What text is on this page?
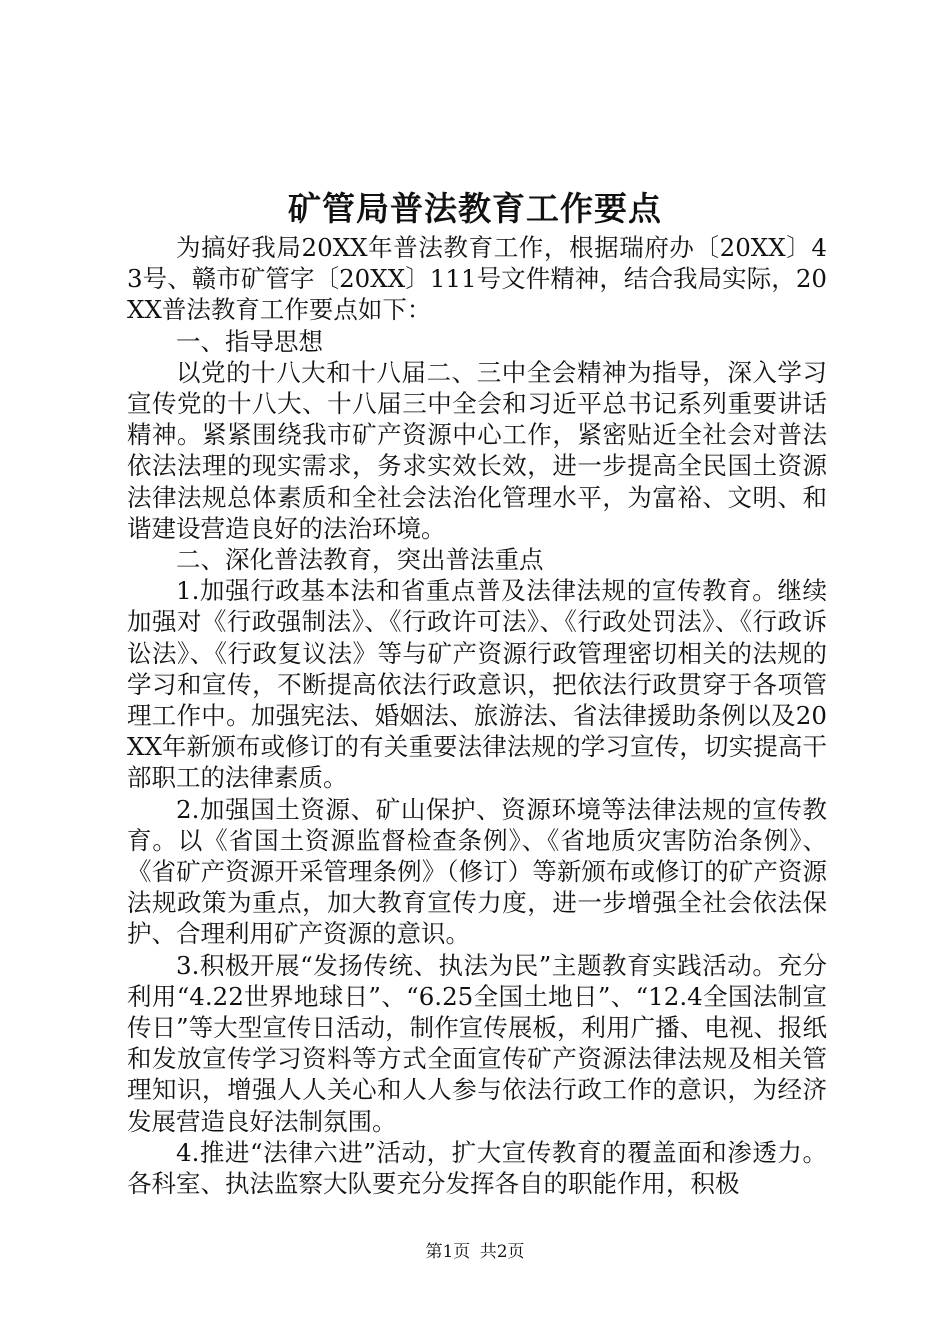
矿管局普法教育工作要点

为搞好我局20XX年普法教育工作，根据瑞府办〔20XX〕43号、赣市矿管字〔20XX〕111号文件精神，结合我局实际，20XX普法教育工作要点如下：

一、指导思想

以党的十八大和十八届二、三中全会精神为指导，深入学习宣传党的十八大、十八届三中全会和习近平总书记系列重要讲话精神。紧紧围绕我市矿产资源中心工作，紧密贴近全社会对普法依法法理的现实需求，务求实效长效，进一步提高全民国土资源法律法规总体素质和全社会法治化管理水平，为富裕、文明、和谐建设营造良好的法治环境。

二、深化普法教育，突出普法重点

1.加强行政基本法和省重点普及法律法规的宣传教育。继续加强对《行政强制法》、《行政许可法》、《行政处罚法》、《行政诉讼法》、《行政复议法》等与矿产资源行政管理密切相关的法规的学习和宣传，不断提高依法行政意识，把依法行政贯穿于各项管理工作中。加强宪法、婚姻法、旅游法、省法律援助条例以及20XX年新颁布或修订的有关重要法律法规的学习宣传，切实提高干部职工的法律素质。

2.加强国土资源、矿山保护、资源环境等法律法规的宣传教育。以《省国土资源监督检查条例》、《省地质灾害防治条例》、《省矿产资源开采管理条例》（修订）等新颁布或修订的矿产资源法规政策为重点，加大教育宣传力度，进一步增强全社会依法保护、合理利用矿产资源的意识。

3.积极开展“发扬传统、执法为民”主题教育实践活动。充分利用“4.22世界地球日”、“6.25全国土地日”、“12.4全国法制宣传日”等大型宣传日活动，制作宣传展板，利用广播、电视、报纸和发放宣传学习资料等方式全面宣传矿产资源法律法规及相关管理知识，增强人人关心和人人参与依法行政工作的意识，为经济发展营造良好法制氛围。

4.推进“法律六进”活动，扩大宣传教育的覆盖面和渗透力。各科室、执法监察大队要充分发挥各自的职能作用，积极

第1页 共2页
